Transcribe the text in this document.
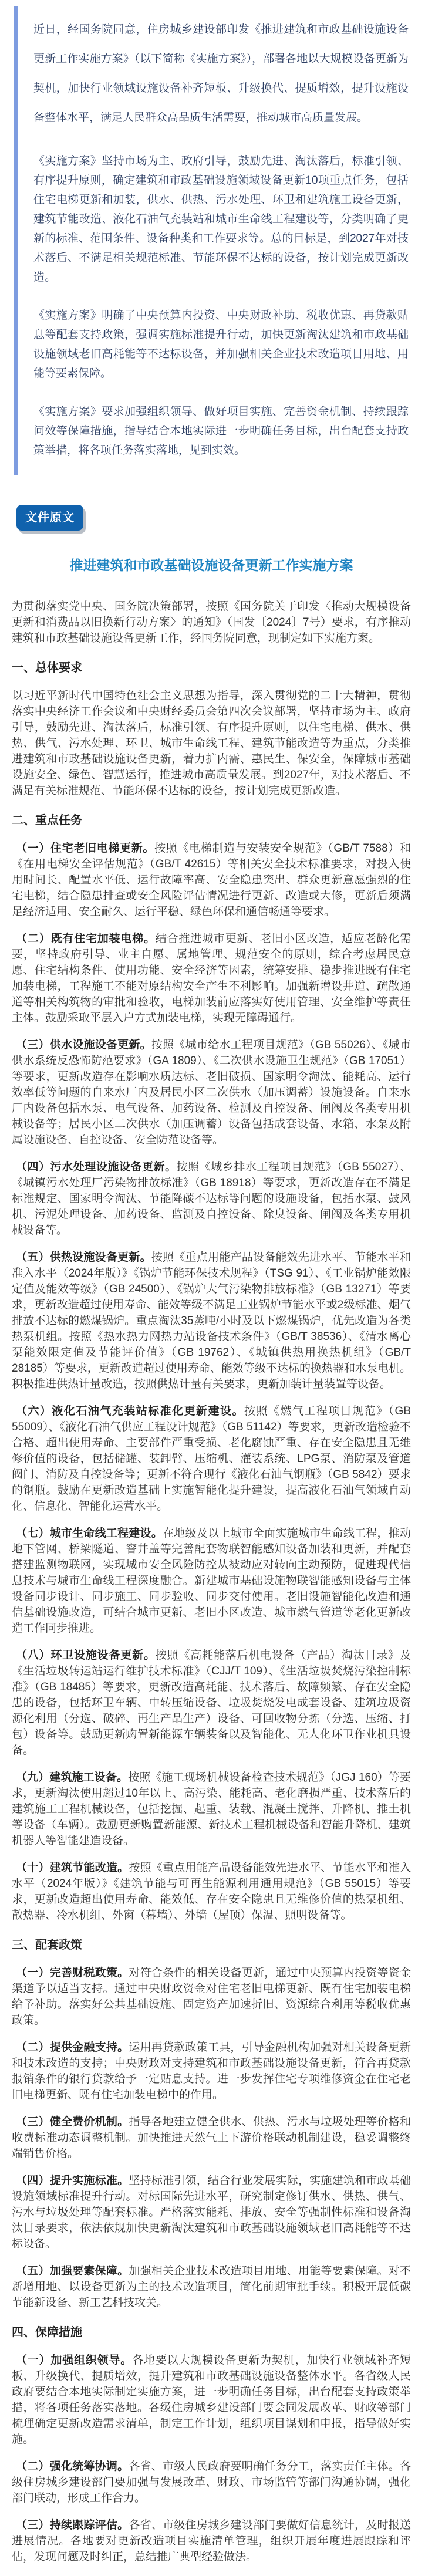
近日，经国务院同意，住房城乡建设部印发《推进建筑和市政基础设施设备更新工作实施方案》（以下简称《实施方案》），部署各地以大规模设备更新为契机，加快行业领域设施设备补齐短板、升级换代、提质增效，提升设施设备整体水平，满足人民群众高品质生活需要，推动城市高质量发展。

《实施方案》坚持市场为主、政府引导，鼓励先进、淘汰落后，标准引领、有序提升原则，确定建筑和市政基础设施领域设备更新10项重点任务，包括住宅电梯更新和加装，供水、供热、污水处理、环卫和建筑施工设备更新，建筑节能改造、液化石油气充装站和城市生命线工程建设等，分类明确了更新的标准、范围条件、设备种类和工作要求等。总的目标是，到2027年对技术落后、不满足相关规范标准、节能环保不达标的设备，按计划完成更新改造。

《实施方案》明确了中央预算内投资、中央财政补助、税收优惠、再贷款贴息等配套支持政策，强调实施标准提升行动，加快更新淘汰建筑和市政基础设施领域老旧高耗能等不达标设备，并加强相关企业技术改造项目用地、用能等要素保障。

《实施方案》要求加强组织领导、做好项目实施、完善资金机制、持续跟踪问效等保障措施，指导结合本地实际进一步明确任务目标，出台配套支持政策举措，将各项任务落实落地，见到实效。

文件原文
推进建筑和市政基础设施设备更新工作实施方案

为贯彻落实党中央、国务院决策部署，按照《国务院关于印发〈推动大规模设备更新和消费品以旧换新行动方案〉的通知》（国发〔2024〕7号）要求，有序推动建筑和市政基础设施设备更新工作，经国务院同意，现制定如下实施方案。

一、总体要求

以习近平新时代中国特色社会主义思想为指导，深入贯彻党的二十大精神，贯彻落实中央经济工作会议和中央财经委员会第四次会议部署，坚持市场为主、政府引导，鼓励先进、淘汰落后，标准引领、有序提升原则，以住宅电梯、供水、供热、供气、污水处理、环卫、城市生命线工程、建筑节能改造等为重点，分类推进建筑和市政基础设施设备更新，着力扩内需、惠民生、保安全，保障城市基础设施安全、绿色、智慧运行，推进城市高质量发展。到2027年，对技术落后、不满足有关标准规范、节能环保不达标的设备，按计划完成更新改造。

二、重点任务

（一）住宅老旧电梯更新。按照《电梯制造与安装安全规范》（GB/T 7588）和《在用电梯安全评估规范》（GB/T 42615）等相关安全技术标准要求，对投入使用时间长、配置水平低、运行故障率高、安全隐患突出、群众更新意愿强烈的住宅电梯，结合隐患排查或安全风险评估情况进行更新、改造或大修，更新后须满足经济适用、安全耐久、运行平稳、绿色环保和通信畅通等要求。

（二）既有住宅加装电梯。结合推进城市更新、老旧小区改造，适应老龄化需要，坚持政府引导、业主自愿、属地管理、规范安全的原则，综合考虑居民意愿、住宅结构条件、使用功能、安全经济等因素，统筹安排、稳步推进既有住宅加装电梯，工程施工不能对原结构安全产生不利影响。加强新增设井道、疏散通道等相关构筑物的审批和验收，电梯加装前应落实好使用管理、安全维护等责任主体。鼓励采取平层入户方式加装电梯，实现无障碍通行。

（三）供水设施设备更新。按照《城市给水工程项目规范》（GB 55026）、《城市供水系统反恐怖防范要求》（GA 1809）、《二次供水设施卫生规范》（GB 17051）等要求，更新改造存在影响水质达标、老旧破损、国家明令淘汰、能耗高、运行效率低等问题的自来水厂内及居民小区二次供水（加压调蓄）设施设备。自来水厂内设备包括水泵、电气设备、加药设备、检测及自控设备、闸阀及各类专用机械设备等；居民小区二次供水（加压调蓄）设备包括成套设备、水箱、水泵及附属设施设备、自控设备、安全防范设备等。

（四）污水处理设施设备更新。按照《城乡排水工程项目规范》（GB 55027）、《城镇污水处理厂污染物排放标准》（GB 18918）等要求，更新改造存在不满足标准规定、国家明令淘汰、节能降碳不达标等问题的设施设备，包括水泵、鼓风机、污泥处理设备、加药设备、监测及自控设备、除臭设备、闸阀及各类专用机械设备等。

（五）供热设施设备更新。按照《重点用能产品设备能效先进水平、节能水平和准入水平（2024年版）》《锅炉节能环保技术规程》（TSG 91）、《工业锅炉能效限定值及能效等级》（GB 24500）、《锅炉大气污染物排放标准》（GB 13271）等要求，更新改造超过使用寿命、能效等级不满足工业锅炉节能水平或2级标准、烟气排放不达标的燃煤锅炉。重点淘汰35蒸吨/小时及以下燃煤锅炉，优先改造为各类热泵机组。按照《热水热力网热力站设备技术条件》（GB/T 38536）、《清水离心泵能效限定值及节能评价值》（GB 19762）、《城镇供热用换热机组》（GB/T 28185）等要求，更新改造超过使用寿命、能效等级不达标的换热器和水泵电机。积极推进供热计量改造，按照供热计量有关要求，更新加装计量装置等设备。

（六）液化石油气充装站标准化更新建设。按照《燃气工程项目规范》（GB 55009）、《液化石油气供应工程设计规范》（GB 51142）等要求，更新改造检验不合格、超出使用寿命、主要部件严重受损、老化腐蚀严重、存在安全隐患且无维修价值的设备，包括储罐、装卸臂、压缩机、灌装系统、LPG泵、消防泵及管道阀门、消防及自控设备等；更新不符合现行《液化石油气钢瓶》（GB 5842）要求的钢瓶。鼓励在更新改造基础上实施智能化提升建设，提高液化石油气领域自动化、信息化、智能化运营水平。

（七）城市生命线工程建设。在地级及以上城市全面实施城市生命线工程，推动地下管网、桥梁隧道、窨井盖等完善配套物联智能感知设备加装和更新，并配套搭建监测物联网，实现城市安全风险防控从被动应对转向主动预防，促进现代信息技术与城市生命线工程深度融合。新建城市基础设施物联智能感知设备与主体设备同步设计、同步施工、同步验收、同步交付使用。老旧设施智能化改造和通信基础设施改造，可结合城市更新、老旧小区改造、城市燃气管道等老化更新改造工作同步推进。

（八）环卫设施设备更新。按照《高耗能落后机电设备（产品）淘汰目录》及《生活垃圾转运站运行维护技术标准》（CJJ/T 109）、《生活垃圾焚烧污染控制标准》（GB 18485）等要求，更新改造高耗能、技术落后、故障频繁、存在安全隐患的设备，包括环卫车辆、中转压缩设备、垃圾焚烧发电成套设备、建筑垃圾资源化利用（分选、破碎、再生产品生产）设备、可回收物分拣（分选、压缩、打包）设备等。鼓励更新购置新能源车辆装备以及智能化、无人化环卫作业机具设备。

（九）建筑施工设备。按照《施工现场机械设备检查技术规范》（JGJ 160）等要求，更新淘汰使用超过10年以上、高污染、能耗高、老化磨损严重、技术落后的建筑施工工程机械设备，包括挖掘、起重、装载、混凝土搅拌、升降机、推土机等设备（车辆）。鼓励更新购置新能源、新技术工程机械设备和智能升降机、建筑机器人等智能建造设备。

（十）建筑节能改造。按照《重点用能产品设备能效先进水平、节能水平和准入水平（2024年版）》《建筑节能与可再生能源利用通用规范》（GB 55015）等要求，更新改造超出使用寿命、能效低、存在安全隐患且无维修价值的热泵机组、散热器、冷水机组、外窗（幕墙）、外墙（屋顶）保温、照明设备等。

三、配套政策

（一）完善财税政策。对符合条件的相关设备更新，通过中央预算内投资等资金渠道予以适当支持。通过中央财政资金对住宅老旧电梯更新、既有住宅加装电梯给予补助。落实好公共基础设施、固定资产加速折旧、资源综合利用等税收优惠政策。

（二）提供金融支持。运用再贷款政策工具，引导金融机构加强对相关设备更新和技术改造的支持；中央财政对支持建筑和市政基础设施设备更新，符合再贷款报销条件的银行贷款给予一定贴息支持。进一步发挥住宅专项维修资金在住宅老旧电梯更新、既有住宅加装电梯中的作用。

（三）健全费价机制。指导各地建立健全供水、供热、污水与垃圾处理等价格和收费标准动态调整机制。加快推进天然气上下游价格联动机制建设，稳妥调整终端销售价格。

（四）提升实施标准。坚持标准引领，结合行业发展实际，实施建筑和市政基础设施领域标准提升行动。对标国际先进水平，研究制定修订供水、供热、供气、污水与垃圾处理等配套标准。严格落实能耗、排放、安全等强制性标准和设备淘汰目录要求，依法依规加快更新淘汰建筑和市政基础设施领域老旧高耗能等不达标设备。

（五）加强要素保障。加强相关企业技术改造项目用地、用能等要素保障。对不新增用地、以设备更新为主的技术改造项目，简化前期审批手续。积极开展低碳节能新设备、新工艺科技攻关。

四、保障措施

（一）加强组织领导。各地要以大规模设备更新为契机，加快行业领域补齐短板、升级换代、提质增效，提升建筑和市政基础设施设备整体水平。各省级人民政府要结合本地实际制定实施方案，进一步明确任务目标，出台配套支持政策举措，将各项任务落实落地。各级住房城乡建设部门要会同发展改革、财政等部门梳理确定更新改造需求清单，制定工作计划，组织项目谋划和申报，指导做好实施。

（二）强化统筹协调。各省、市级人民政府要明确任务分工，落实责任主体。各级住房城乡建设部门要加强与发展改革、财政、市场监管等部门沟通协调，强化部门联动，形成工作合力。

（三）持续跟踪评估。各省、市级住房城乡建设部门要做好信息统计，及时报送进展情况。各地要对更新改造项目实施清单管理，组织开展年度进展跟踪和评估，发现问题及时纠正，总结推广典型经验做法。
